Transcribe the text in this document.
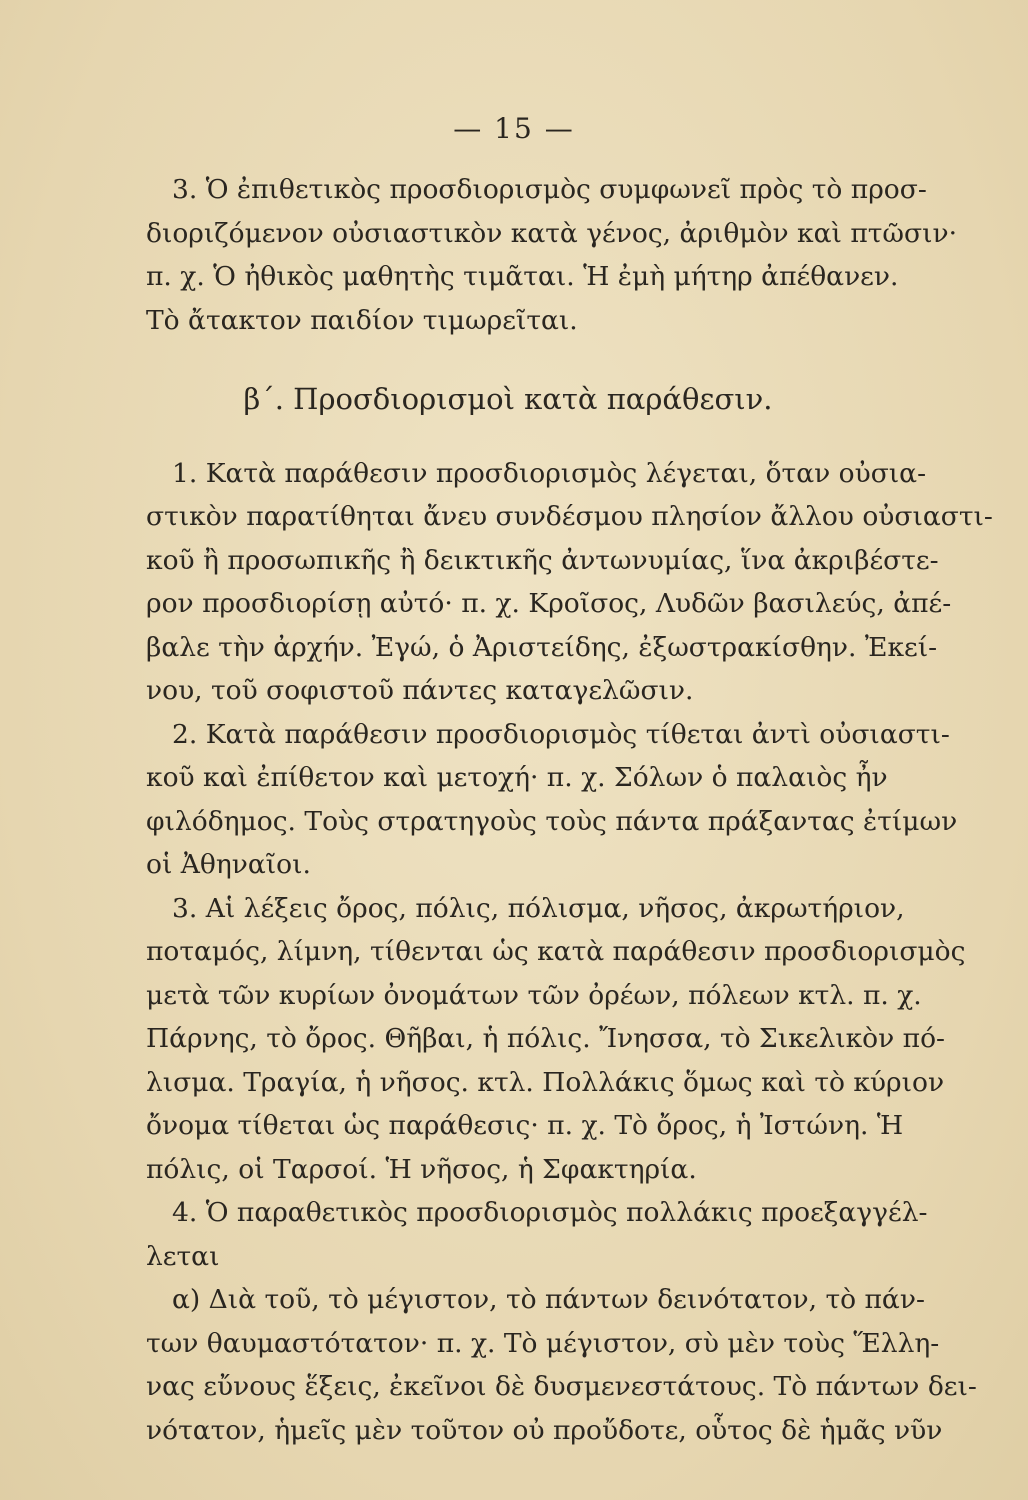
— 15 —
3. Ὁ ἐπιθετικὸς προσδιορισμὸς συμφωνεῖ πρὸς τὸ προσ-
διοριζόμενον οὐσιαστικὸν κατὰ γένος, ἀριθμὸν καὶ πτῶσιν·
π. χ. Ὁ ἠθικὸς μαθητὴς τιμᾶται. Ἡ ἐμὴ μήτηρ ἀπέθανεν.
Τὸ ἄτακτον παιδίον τιμωρεῖται.
β΄. Προσδιορισμοὶ κατὰ παράθεσιν.
1. Κατὰ παράθεσιν προσδιορισμὸς λέγεται, ὅταν οὐσια-
στικὸν παρατίθηται ἄνευ συνδέσμου πλησίον ἄλλου οὐσιαστι-
κοῦ ἢ προσωπικῆς ἢ δεικτικῆς ἀντωνυμίας, ἵνα ἀκριβέστε-
ρον προσδιορίσῃ αὐτό· π. χ. Κροῖσος, Λυδῶν βασιλεύς, ἀπέ-
βαλε τὴν ἀρχήν. Ἐγώ, ὁ Ἀριστείδης, ἐξωστρακίσθην. Ἐκεί-
νου, τοῦ σοφιστοῦ πάντες καταγελῶσιν.
2. Κατὰ παράθεσιν προσδιορισμὸς τίθεται ἀντὶ οὐσιαστι-
κοῦ καὶ ἐπίθετον καὶ μετοχή· π. χ. Σόλων ὁ παλαιὸς ἦν
φιλόδημος. Τοὺς στρατηγοὺς τοὺς πάντα πράξαντας ἐτίμων
οἱ Ἀθηναῖοι.
3. Αἱ λέξεις ὄρος, πόλις, πόλισμα, νῆσος, ἀκρωτήριον,
ποταμός, λίμνη, τίθενται ὡς κατὰ παράθεσιν προσδιορισμὸς
μετὰ τῶν κυρίων ὀνομάτων τῶν ὀρέων, πόλεων κτλ. π. χ.
Πάρνης, τὸ ὄρος. Θῆβαι, ἡ πόλις. Ἴνησσα, τὸ Σικελικὸν πό-
λισμα. Τραγία, ἡ νῆσος. κτλ. Πολλάκις ὅμως καὶ τὸ κύριον
ὄνομα τίθεται ὡς παράθεσις· π. χ. Τὸ ὄρος, ἡ Ἰστώνη. Ἡ
πόλις, οἱ Ταρσοί. Ἡ νῆσος, ἡ Σφακτηρία.
4. Ὁ παραθετικὸς προσδιορισμὸς πολλάκις προεξαγγέλ-
λεται
α) Διὰ τοῦ, τὸ μέγιστον, τὸ πάντων δεινότατον, τὸ πάν-
των θαυμαστότατον· π. χ. Τὸ μέγιστον, σὺ μὲν τοὺς Ἕλλη-
νας εὔνους ἕξεις, ἐκεῖνοι δὲ δυσμενεστάτους. Τὸ πάντων δει-
νότατον, ἡμεῖς μὲν τοῦτον οὐ προὔδοτε, οὗτος δὲ ἡμᾶς νῦν
